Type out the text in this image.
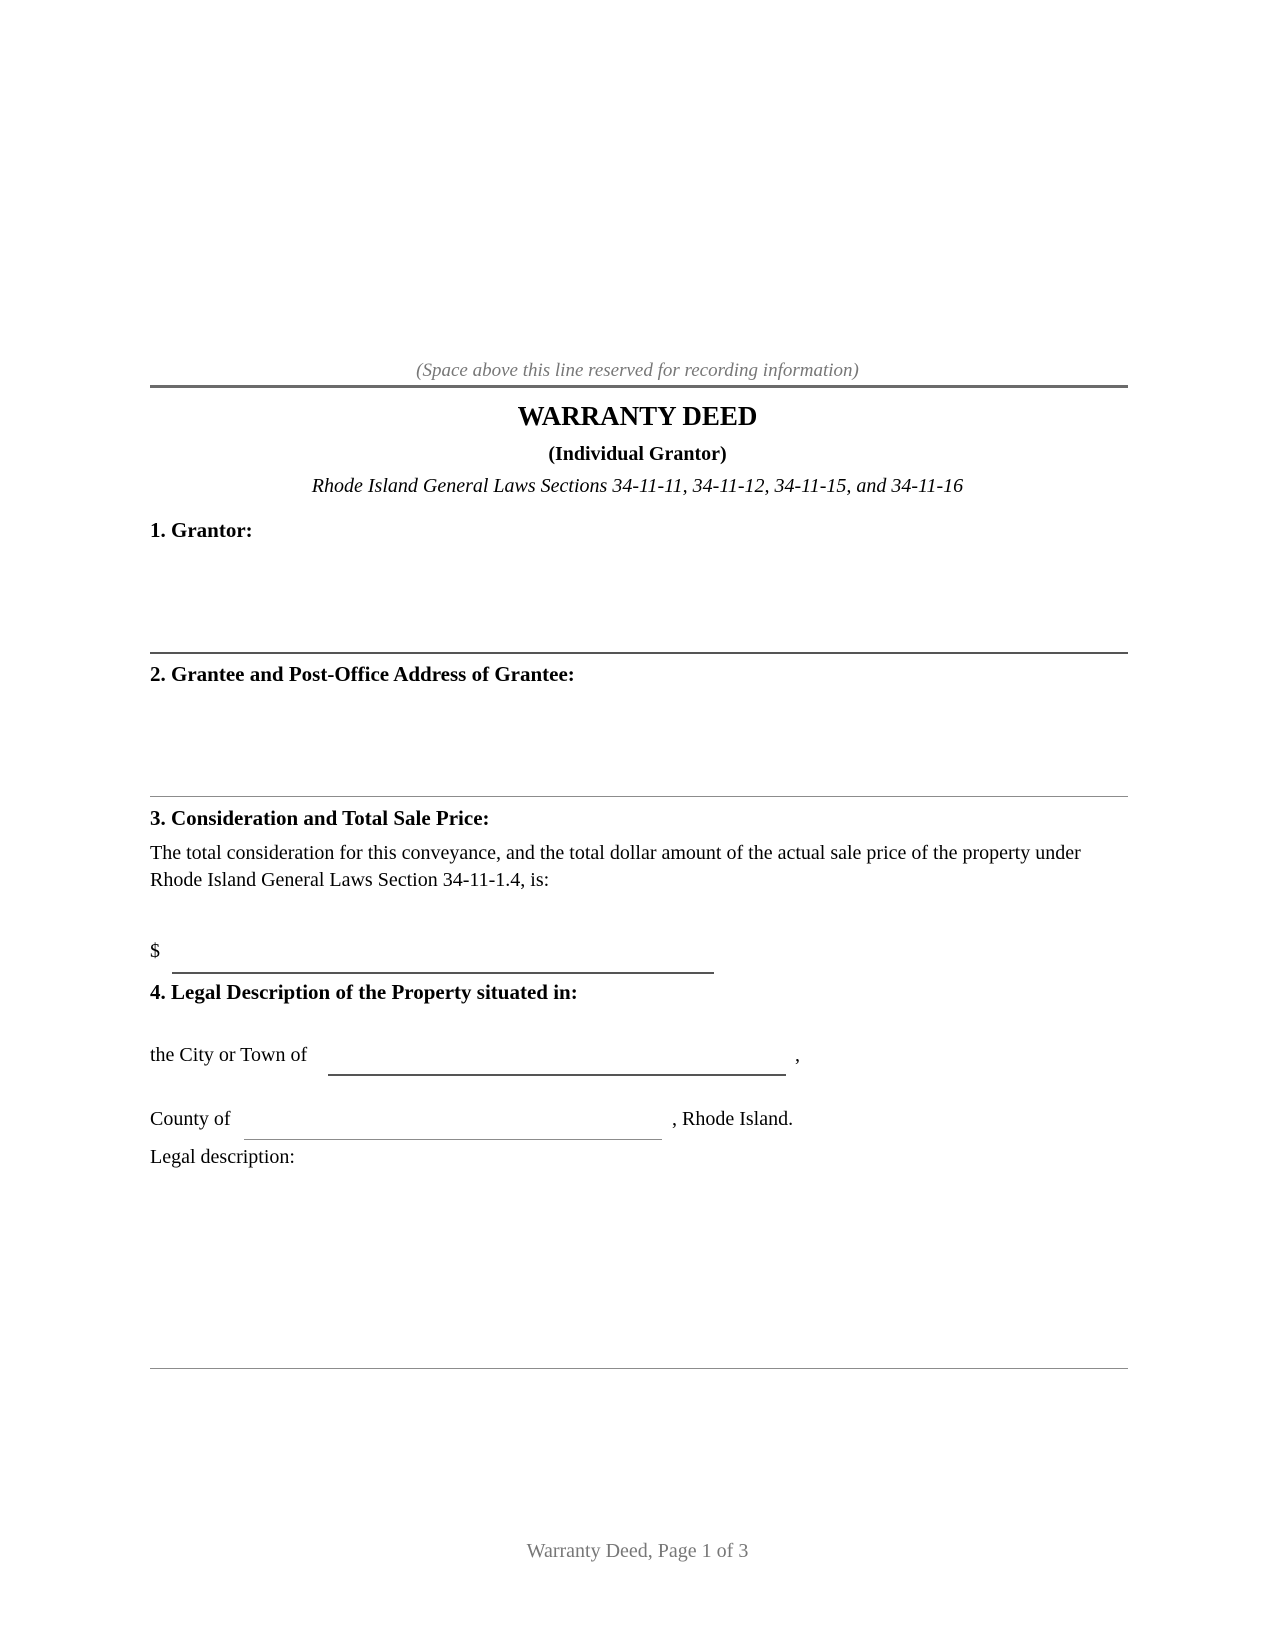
(Space above this line reserved for recording information)
WARRANTY DEED
(Individual Grantor)
Rhode Island General Laws Sections 34-11-11, 34-11-12, 34-11-15, and 34-11-16
1. Grantor:
2. Grantee and Post-Office Address of Grantee:
3. Consideration and Total Sale Price:
The total consideration for this conveyance, and the total dollar amount of the actual sale price of the property under
Rhode Island General Laws Section 34-11-1.4, is:
$
4. Legal Description of the Property situated in:
the City or Town of	,
County of	, Rhode Island.
Legal description:
Warranty Deed, Page 1 of 3
